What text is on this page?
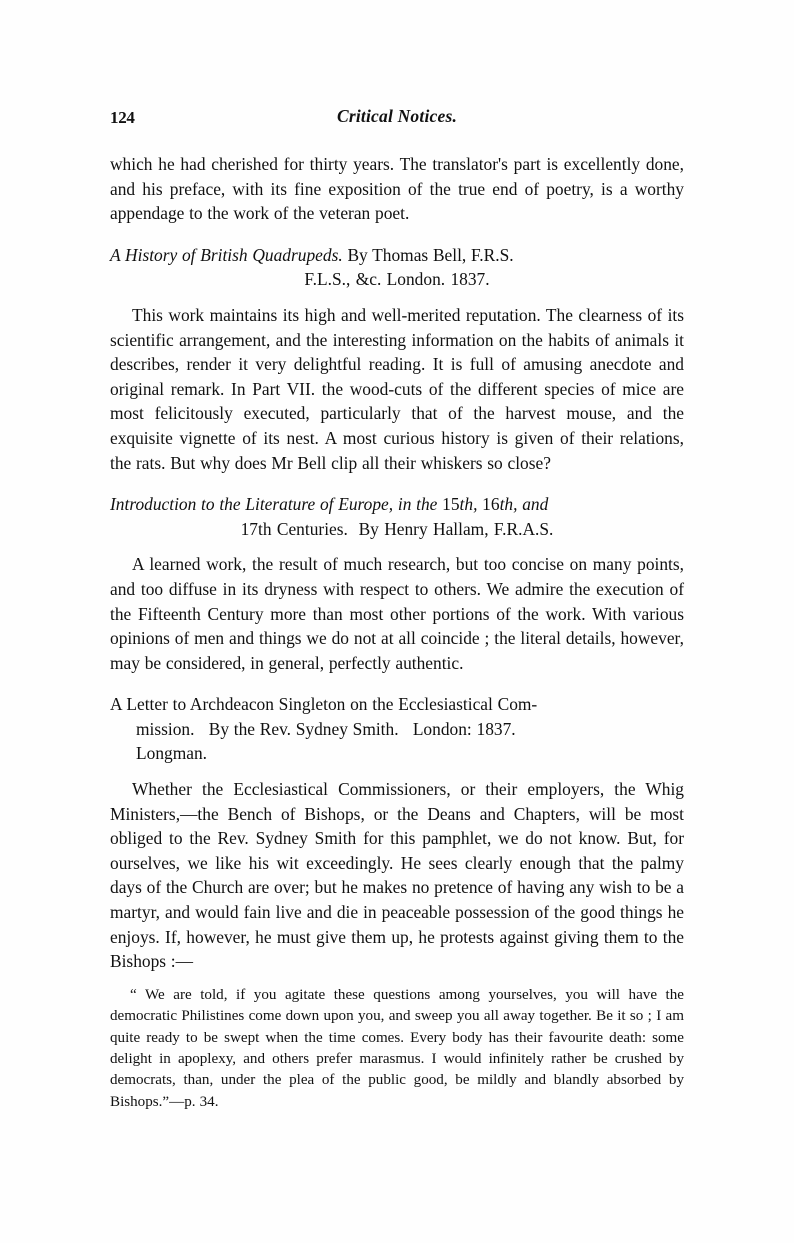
124	Critical Notices.

which he had cherished for thirty years. The translator's part is excellently done, and his preface, with its fine exposition of the true end of poetry, is a worthy appendage to the work of the veteran poet.

A History of British Quadrupeds. By Thomas Bell, F.R.S.
F.L.S., &c. London. 1837.

This work maintains its high and well-merited reputation. The clearness of its scientific arrangement, and the interesting information on the habits of animals it describes, render it very delightful reading. It is full of amusing anecdote and original remark. In Part VII. the wood-cuts of the different species of mice are most felicitously executed, particularly that of the harvest mouse, and the exquisite vignette of its nest. A most curious history is given of their relations, the rats. But why does Mr Bell clip all their whiskers so close?

Introduction to the Literature of Europe, in the 15th, 16th, and
17th Centuries. By Henry Hallam, F.R.A.S.

A learned work, the result of much research, but too concise on many points, and too diffuse in its dryness with respect to others. We admire the execution of the Fifteenth Century more than most other portions of the work. With various opinions of men and things we do not at all coincide ; the literal details, however, may be considered, in general, perfectly authentic.

A Letter to Archdeacon Singleton on the Ecclesiastical Com-
mission. By the Rev. Sydney Smith. London: 1837.
Longman.

Whether the Ecclesiastical Commissioners, or their employers, the Whig Ministers,—the Bench of Bishops, or the Deans and Chapters, will be most obliged to the Rev. Sydney Smith for this pamphlet, we do not know. But, for ourselves, we like his wit exceedingly. He sees clearly enough that the palmy days of the Church are over; but he makes no pretence of having any wish to be a martyr, and would fain live and die in peaceable possession of the good things he enjoys. If, however, he must give them up, he protests against giving them to the Bishops :—

“ We are told, if you agitate these questions among yourselves, you will have the democratic Philistines come down upon you, and sweep you all away together. Be it so ; I am quite ready to be swept when the time comes. Every body has their favourite death: some delight in apoplexy, and others prefer marasmus. I would infinitely rather be crushed by democrats, than, under the plea of the public good, be mildly and blandly absorbed by Bishops.”—p. 34.
